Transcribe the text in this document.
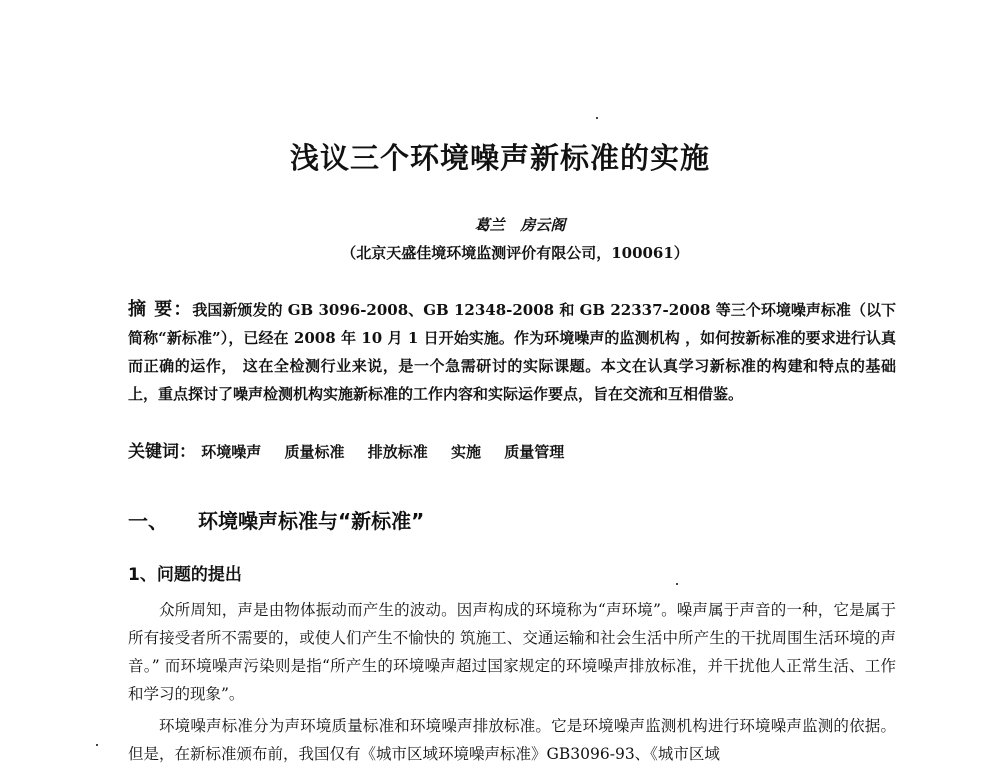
浅议三个环境噪声新标准的实施
葛兰   房云阁
（北京天盛佳境环境监测评价有限公司，100061）
摘 要：我国新颁发的 GB 3096-2008、GB 12348-2008 和 GB 22337-2008 等三个环境噪声标准（以下简称“新标准”），已经在 2008 年 10 月 1 日开始实施。作为环境噪声的监测机构 ，如何按新标准的要求进行认真而正确的运作， 这在全检测行业来说，是一个急需研讨的实际课题。本文在认真学习新标准的构建和特点的基础上，重点探讨了噪声检测机构实施新标准的工作内容和实际运作要点，旨在交流和互相借鉴。
关键词： 环境噪声 质量标准 排放标准 实施 质量管理
一、 环境噪声标准与“新标准”
1、问题的提出
众所周知，声是由物体振动而产生的波动。因声构成的环境称为“声环境”。噪声属于声音的一种，它是属于所有接受者所不需要的，或使人们产生不愉快的 筑施工、交通运输和社会生活中所产生的干扰周围生活环境的声音。” 而环境噪声污染则是指“所产生的环境噪声超过国家规定的环境噪声排放标准，并干扰他人正常生活、工作和学习的现象”。
环境噪声标准分为声环境质量标准和环境噪声排放标准。它是环境噪声监测机构进行环境噪声监测的依据。但是，在新标准颁布前，我国仅有《城市区域环境噪声标准》GB3096-93、《城市区域
